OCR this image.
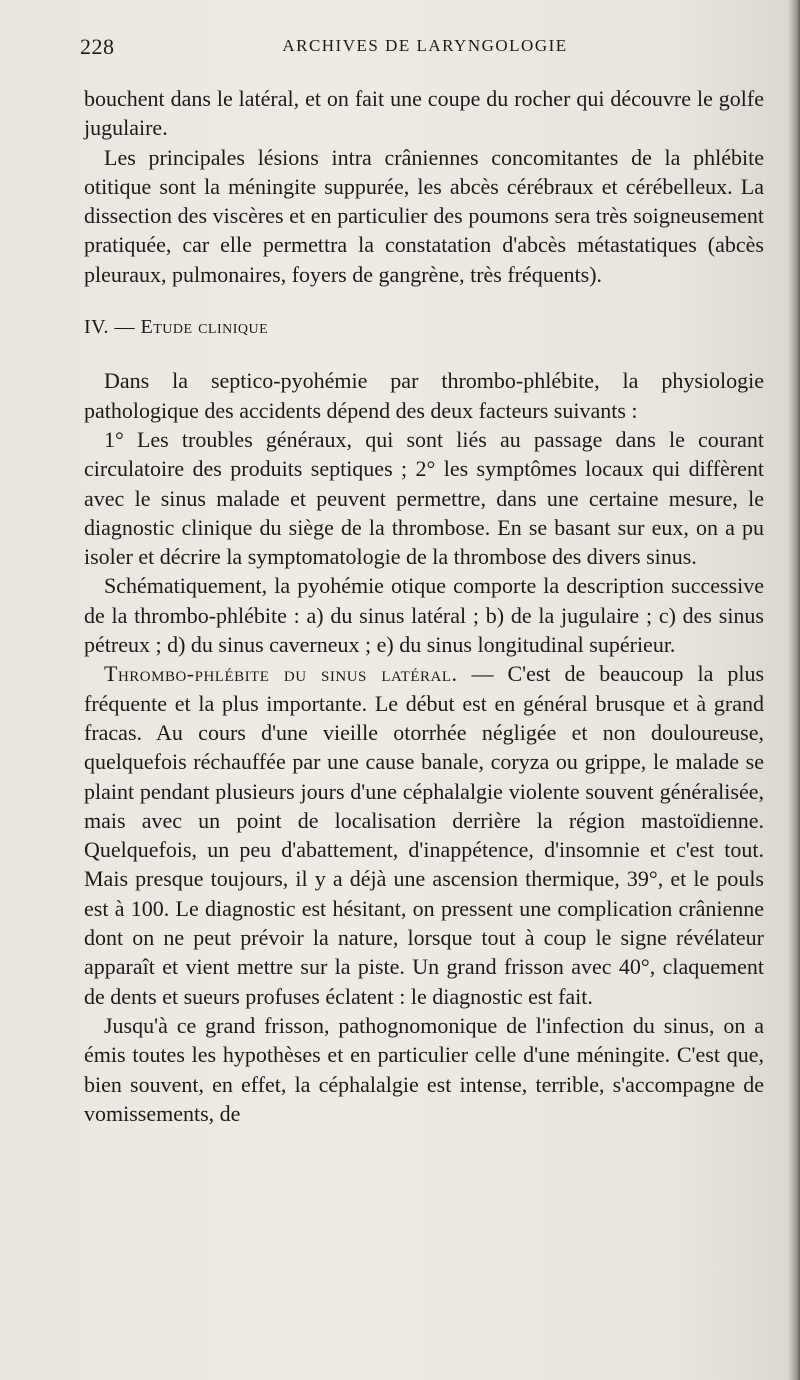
228	ARCHIVES DE LARYNGOLOGIE

bouchent dans le latéral, et on fait une coupe du rocher qui découvre le golfe jugulaire.

Les principales lésions intra crâniennes concomitantes de la phlébite otitique sont la méningite suppurée, les abcès cérébraux et cérébelleux. La dissection des viscères et en particulier des poumons sera très soigneusement pratiquée, car elle permettra la constatation d'abcès métastatiques (abcès pleuraux, pulmonaires, foyers de gangrène, très fréquents).

IV. — Etude clinique

Dans la septico-pyohémie par thrombo-phlébite, la physiologie pathologique des accidents dépend des deux facteurs suivants :

1° Les troubles généraux, qui sont liés au passage dans le courant circulatoire des produits septiques ; 2° les symptômes locaux qui diffèrent avec le sinus malade et peuvent permettre, dans une certaine mesure, le diagnostic clinique du siège de la thrombose. En se basant sur eux, on a pu isoler et décrire la symptomatologie de la thrombose des divers sinus.

Schématiquement, la pyohémie otique comporte la description successive de la thrombo-phlébite : a) du sinus latéral ; b) de la jugulaire ; c) des sinus pétreux ; d) du sinus caverneux ; e) du sinus longitudinal supérieur.

Thrombo-phlébite du sinus latéral. — C'est de beaucoup la plus fréquente et la plus importante. Le début est en général brusque et à grand fracas. Au cours d'une vieille otorrhée négligée et non douloureuse, quelquefois réchauffée par une cause banale, coryza ou grippe, le malade se plaint pendant plusieurs jours d'une céphalalgie violente souvent généralisée, mais avec un point de localisation derrière la région mastoïdienne. Quelquefois, un peu d'abattement, d'inappétence, d'insomnie et c'est tout. Mais presque toujours, il y a déjà une ascension thermique, 39°, et le pouls est à 100. Le diagnostic est hésitant, on pressent une complication crânienne dont on ne peut prévoir la nature, lorsque tout à coup le signe révélateur apparaît et vient mettre sur la piste. Un grand frisson avec 40°, claquement de dents et sueurs profuses éclatent : le diagnostic est fait.

Jusqu'à ce grand frisson, pathognomonique de l'infection du sinus, on a émis toutes les hypothèses et en particulier celle d'une méningite. C'est que, bien souvent, en effet, la céphalalgie est intense, terrible, s'accompagne de vomissements, de
